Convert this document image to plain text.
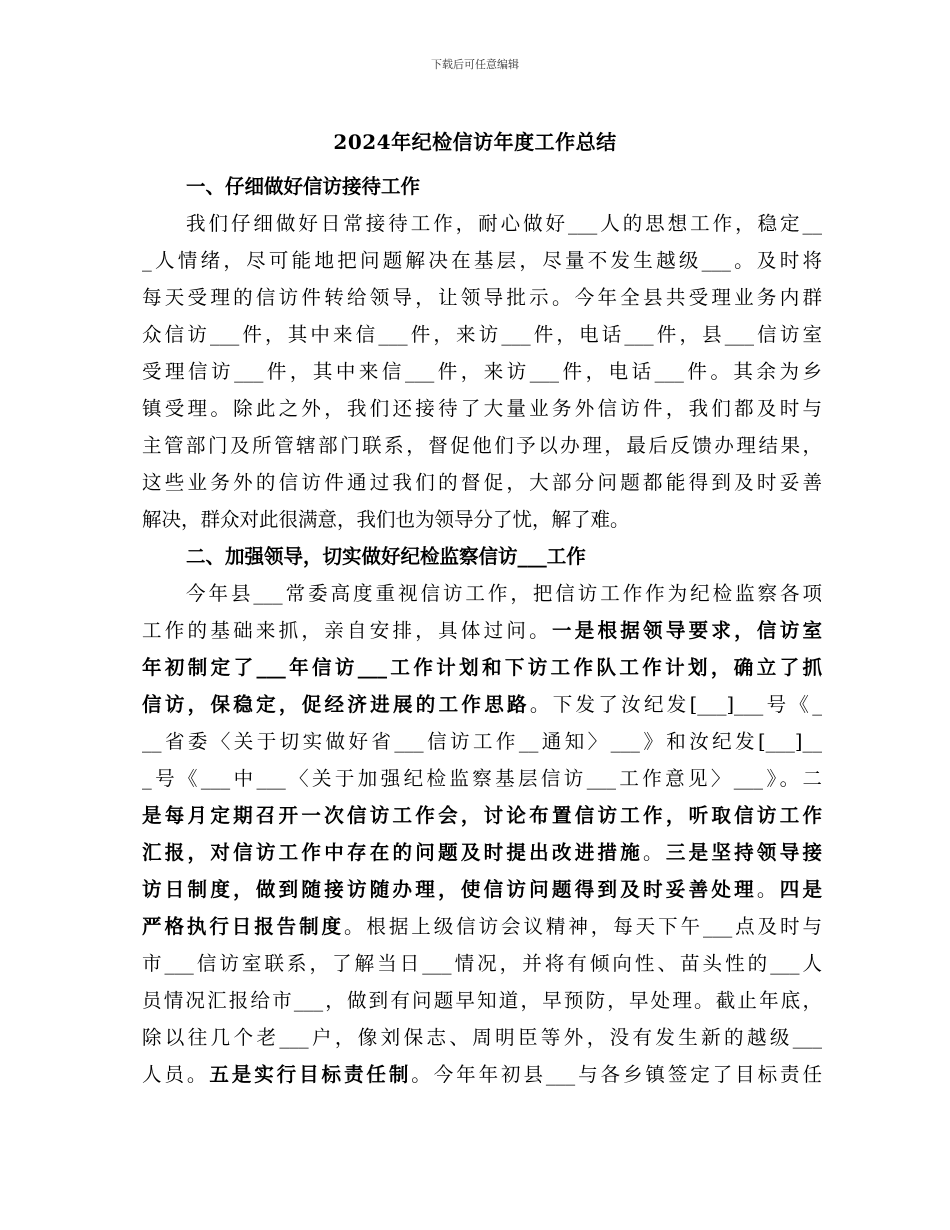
下载后可任意编辑
2024年纪检信访年度工作总结
一、仔细做好信访接待工作
我们仔细做好日常接待工作，耐心做好___人的思想工作，稳定__
_人情绪，尽可能地把问题解决在基层，尽量不发生越级___。及时将
每天受理的信访件转给领导，让领导批示。今年全县共受理业务内群
众信访___件，其中来信___件，来访___件，电话___件，县___信访室
受理信访___件，其中来信___件，来访___件，电话___件。其余为乡
镇受理。除此之外，我们还接待了大量业务外信访件，我们都及时与
主管部门及所管辖部门联系，督促他们予以办理，最后反馈办理结果，
这些业务外的信访件通过我们的督促，大部分问题都能得到及时妥善
解决，群众对此很满意，我们也为领导分了忧，解了难。
二、加强领导，切实做好纪检监察信访___工作
今年县___常委高度重视信访工作，把信访工作作为纪检监察各项
工作的基础来抓，亲自安排，具体过问。一是根据领导要求，信访室
年初制定了___年信访___工作计划和下访工作队工作计划，确立了抓
信访，保稳定，促经济进展的工作思路。下发了汝纪发[___]___号《_
__省委〈关于切实做好省___信访工作__通知〉___》和汝纪发[___]__
_号《___中___〈关于加强纪检监察基层信访___工作意见〉___》。二
是每月定期召开一次信访工作会，讨论布置信访工作，听取信访工作
汇报，对信访工作中存在的问题及时提出改进措施。三是坚持领导接
访日制度，做到随接访随办理，使信访问题得到及时妥善处理。四是
严格执行日报告制度。根据上级信访会议精神，每天下午___点及时与
市___信访室联系，了解当日___情况，并将有倾向性、苗头性的___人
员情况汇报给市___，做到有问题早知道，早预防，早处理。截止年底，
除以往几个老___户，像刘保志、周明臣等外，没有发生新的越级___
人员。五是实行目标责任制。今年年初县___与各乡镇签定了目标责任
